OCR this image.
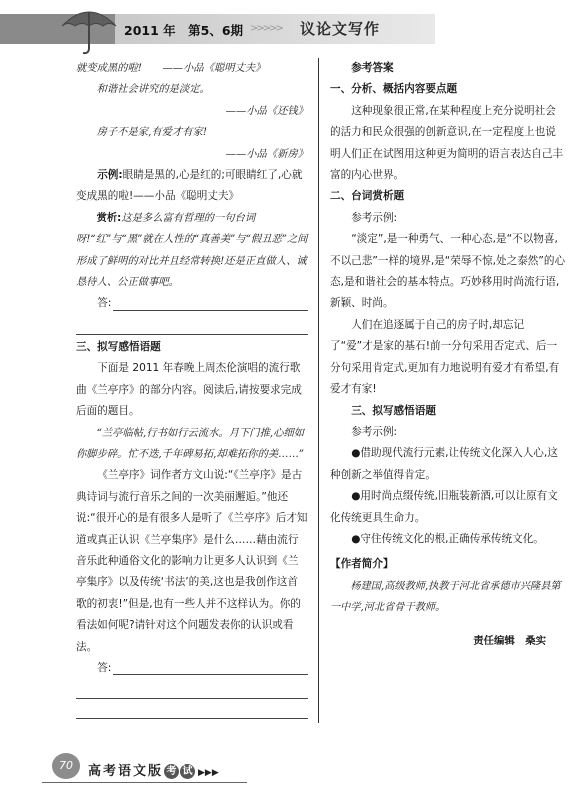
2011 年　第5、6期 >>>>> 议论文写作

就变成黑的啦!　　——小品《聪明丈夫》

和谐社会讲究的是淡定。

——小品《还钱》

房子不是家,有爱才有家!

——小品《新房》

示例:眼睛是黑的,心是红的;可眼睛红了,心就变成黑的啦!——小品《聪明丈夫》

赏析:这是多么富有哲理的一句台词呀!“红”与“黑”就在人性的“真善美”与“假丑恶”之间形成了鲜明的对比并且经常转换!还是正直做人、诚恳待人、公正做事吧。

答:

三、拟写感悟语题

下面是 2011 年春晚上周杰伦演唱的流行歌曲《兰亭序》的部分内容。阅读后,请按要求完成后面的题目。

“兰亭临帖,行书如行云流水。月下门推,心细如你脚步碎。忙不迭,千年碑易拓,却难拓你的美……”

《兰亭序》词作者方文山说:“《兰亭序》是古典诗词与流行音乐之间的一次美丽邂逅。”他还说:“很开心的是有很多人是听了《兰亭序》后才知道或真正认识《兰亭集序》是什么……藉由流行音乐此种通俗文化的影响力让更多人认识到《兰亭集序》以及传统‘书法’的美,这也是我创作这首歌的初衷!”但是,也有一些人并不这样认为。你的看法如何呢?请针对这个问题发表你的认识或看法。

答:

参考答案

一、分析、概括内容要点题

这种现象很正常,在某种程度上充分说明社会的活力和民众很强的创新意识,在一定程度上也说明人们正在试图用这种更为简明的语言表达自己丰富的内心世界。

二、台词赏析题

参考示例:

“淡定”,是一种勇气、一种心态,是“不以物喜,不以己悲”一样的境界,是“荣辱不惊,处之泰然”的心态,是和谐社会的基本特点。巧妙移用时尚流行语,新颖、时尚。

人们在追逐属于自己的房子时,却忘记了“爱”才是家的基石!前一分句采用否定式、后一分句采用肯定式,更加有力地说明有爱才有希望,有爱才有家!

三、拟写感悟语题

参考示例:

●借助现代流行元素,让传统文化深入人心,这种创新之举值得肯定。

●用时尚点缀传统,旧瓶装新酒,可以让原有文化传统更具生命力。

●守住传统文化的根,正确传承传统文化。

【作者简介】

杨建国,高级教师,执教于河北省承德市兴隆县第一中学,河北省骨干教师。

责任编辑　桑实

70	高考语文版 考 试 ▶▶▶
